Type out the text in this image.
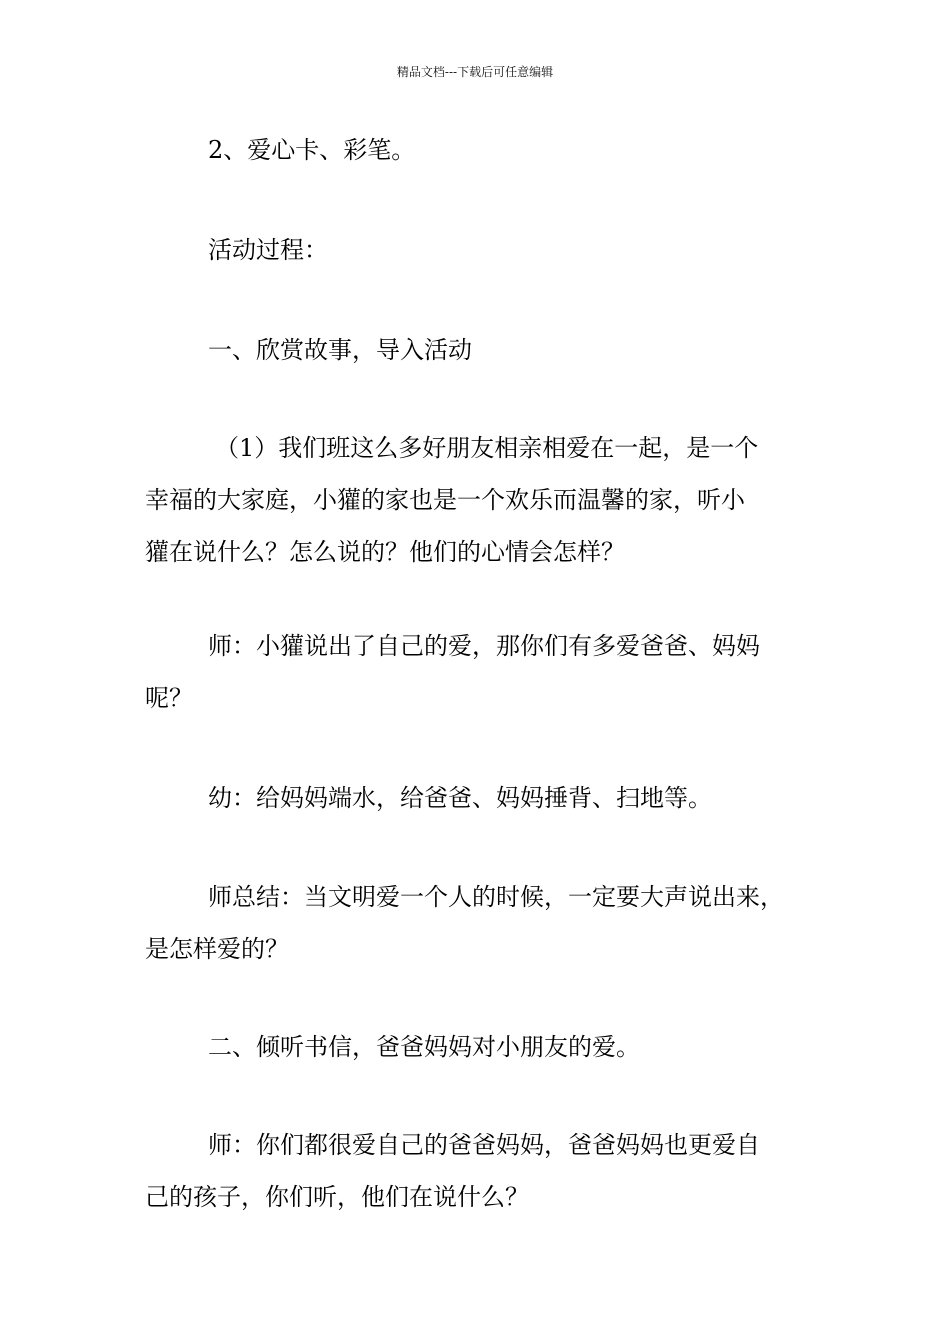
精品文档---下载后可任意编辑
2、爱心卡、彩笔。
活动过程：
一、欣赏故事，导入活动
（1）我们班这么多好朋友相亲相爱在一起，是一个
幸福的大家庭，小獾的家也是一个欢乐而温馨的家，听小
獾在说什么？怎么说的？他们的心情会怎样？
师：小獾说出了自己的爱，那你们有多爱爸爸、妈妈
呢？
幼：给妈妈端水，给爸爸、妈妈捶背、扫地等。
师总结：当文明爱一个人的时候，一定要大声说出来，
是怎样爱的？
二、倾听书信，爸爸妈妈对小朋友的爱。
师：你们都很爱自己的爸爸妈妈，爸爸妈妈也更爱自
己的孩子，你们听，他们在说什么？
